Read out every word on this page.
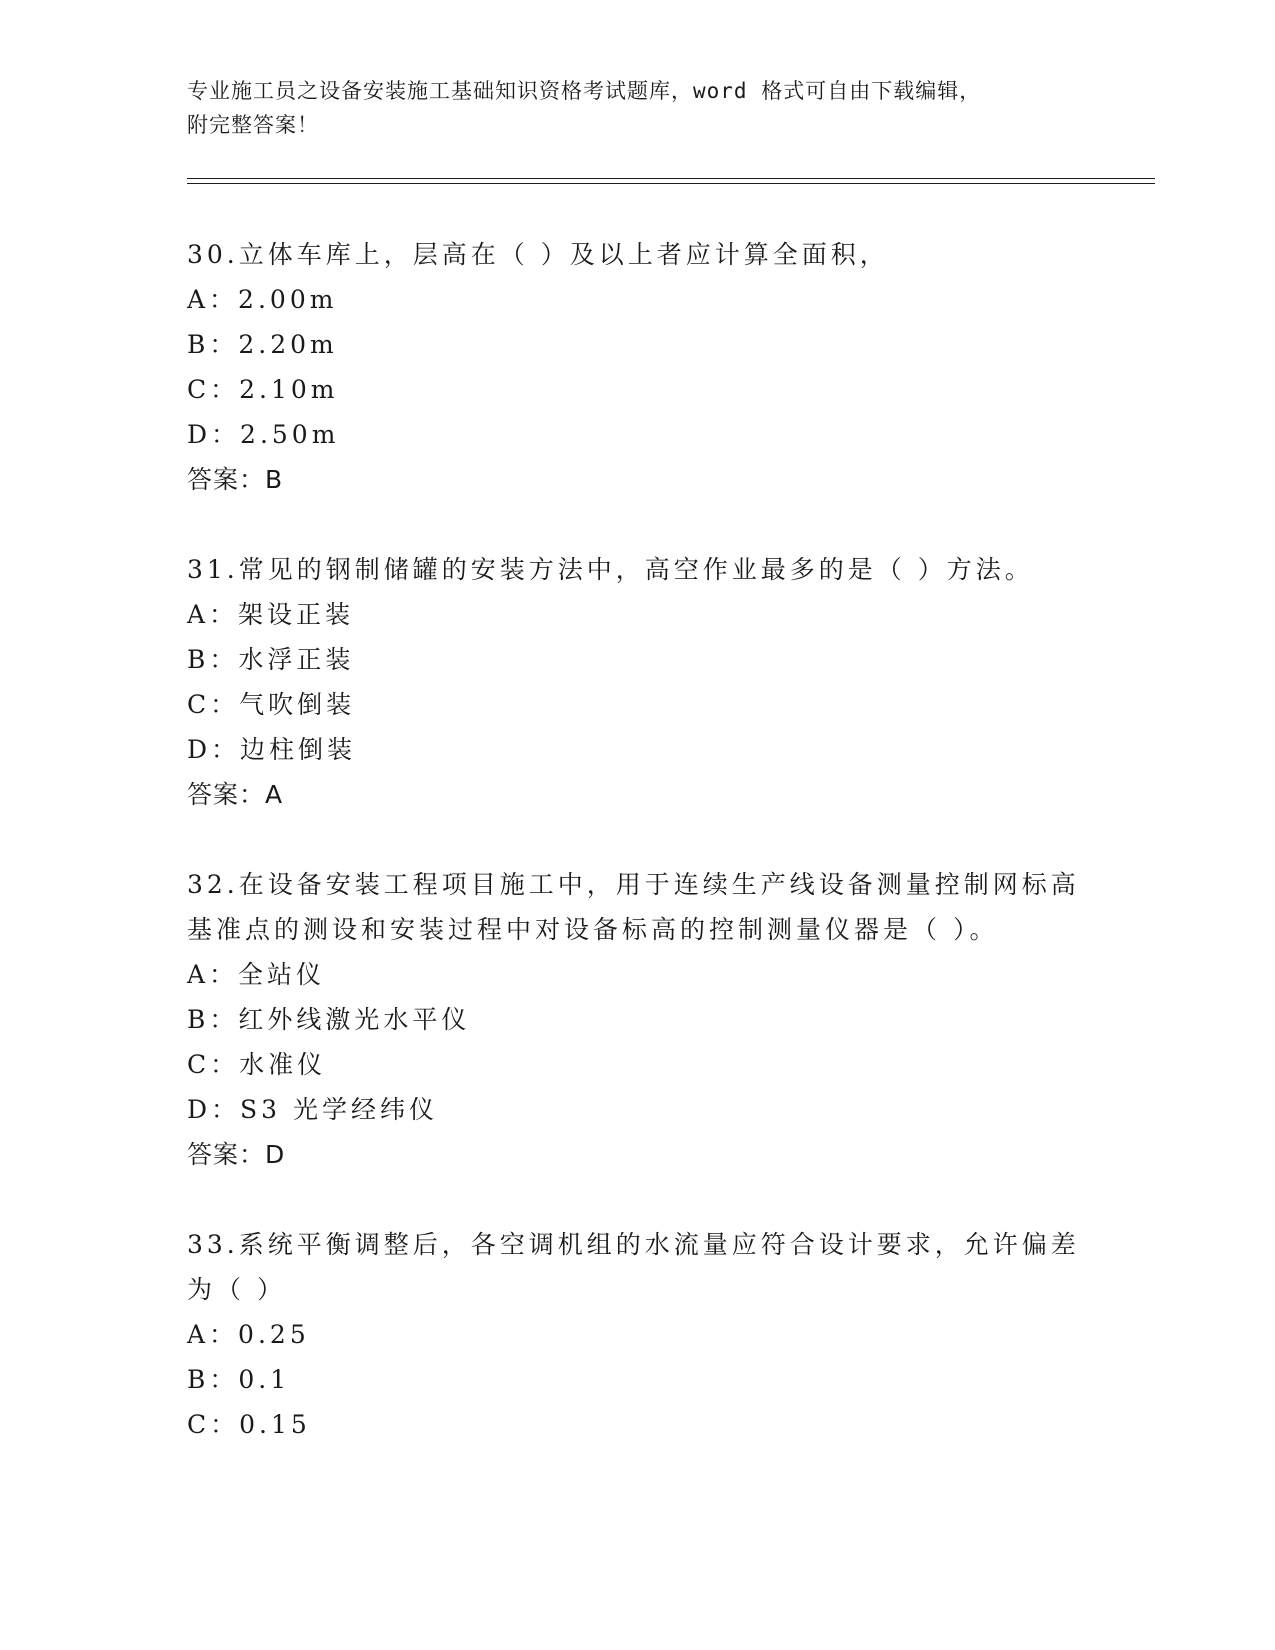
专业施工员之设备安装施工基础知识资格考试题库，word 格式可自由下载编辑，
附完整答案！
30.立体车库上，层高在（ ）及以上者应计算全面积，
A：2.00m
B：2.20m
C：2.10m
D：2.50m
答案：B
31.常见的钢制储罐的安装方法中，高空作业最多的是（ ）方法。
A：架设正装
B：水浮正装
C：气吹倒装
D：边柱倒装
答案：A
32.在设备安装工程项目施工中，用于连续生产线设备测量控制网标高
基准点的测设和安装过程中对设备标高的控制测量仪器是（ ）。
A：全站仪
B：红外线激光水平仪
C：水准仪
D：S3 光学经纬仪
答案：D
33.系统平衡调整后，各空调机组的水流量应符合设计要求，允许偏差
为（ ）
A：0.25
B：0.1
C：0.15
